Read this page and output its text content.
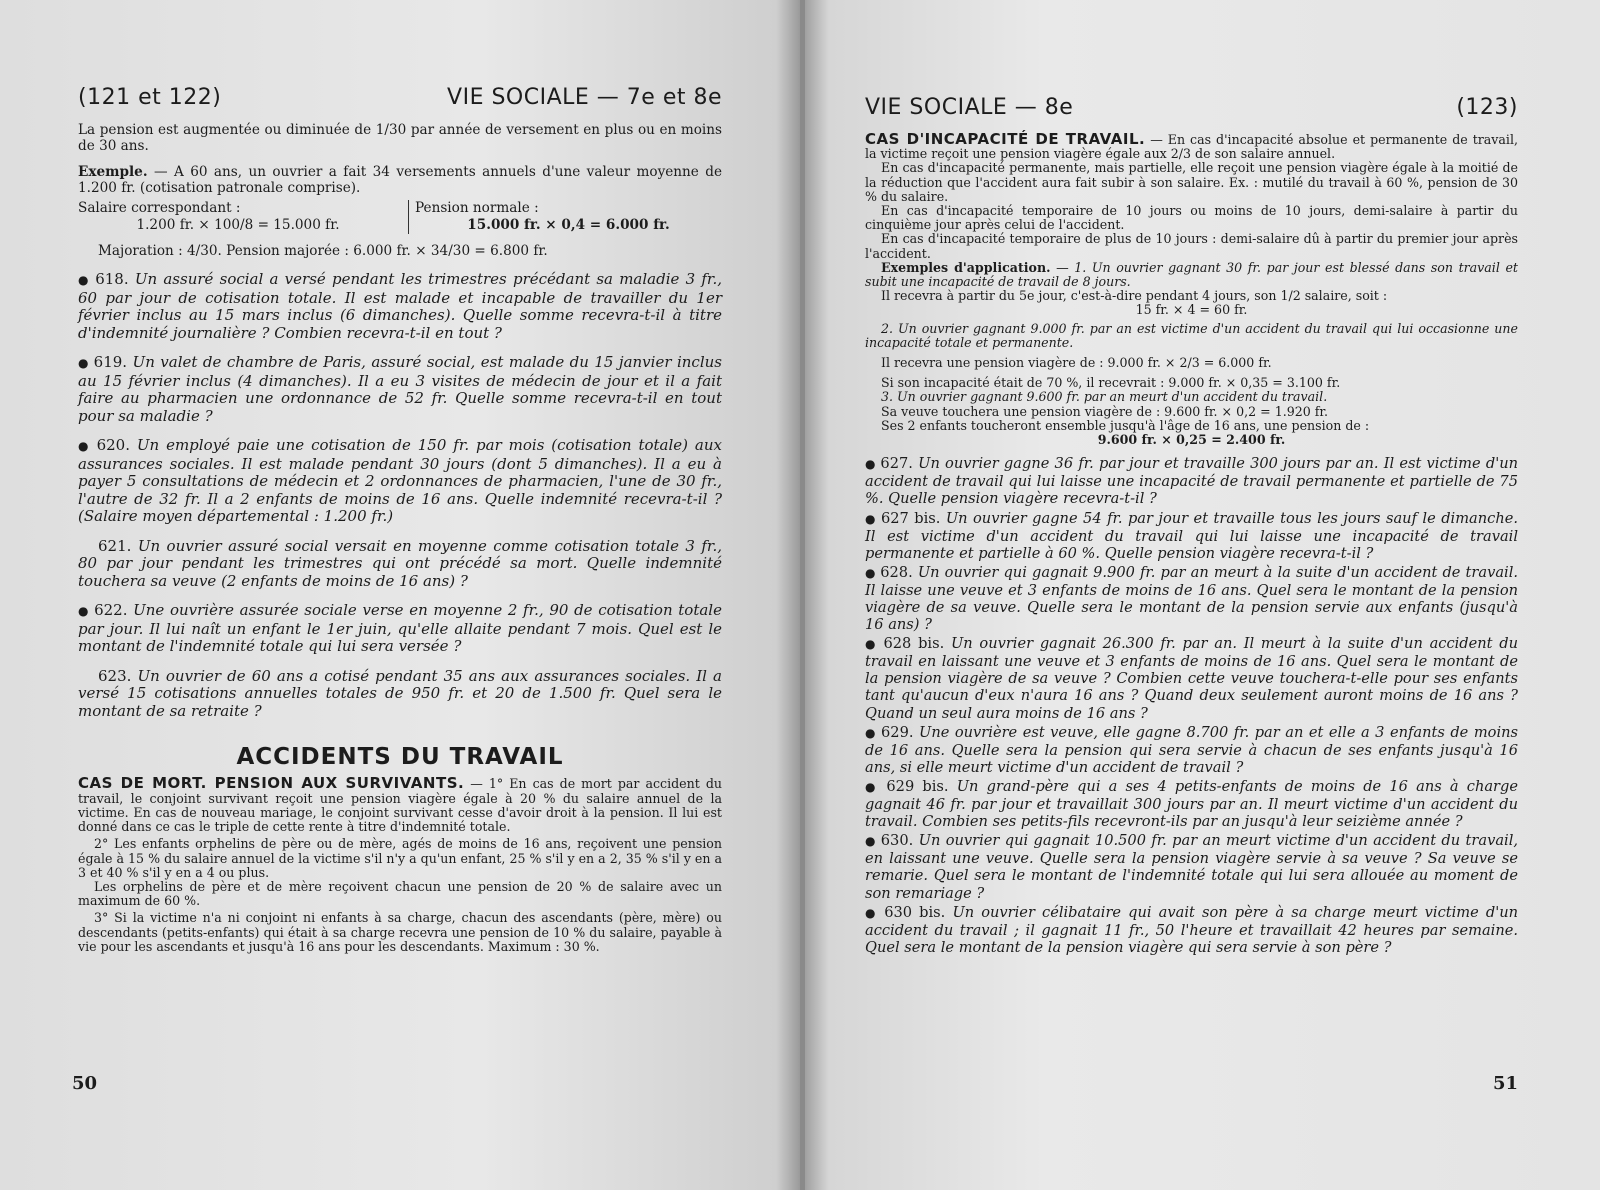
(121 et 122)	VIE SOCIALE — 7e et 8e

La pension est augmentée ou diminuée de 1/30 par année de versement en plus ou en moins de 30 ans.

Exemple. — A 60 ans, un ouvrier a fait 34 versements annuels d'une valeur moyenne de 1.200 fr. (cotisation patronale comprise).

Salaire correspondant :
1.200 fr. × 100/8 = 15.000 fr.
Pension normale :
15.000 fr. × 0,4 = 6.000 fr.

Majoration : 4/30. Pension majorée : 6.000 fr. × 34/30 = 6.800 fr.

● 618. Un assuré social a versé pendant les trimestres précédant sa maladie 3 fr., 60 par jour de cotisation totale. Il est malade et incapable de travailler du 1er février inclus au 15 mars inclus (6 dimanches). Quelle somme recevra-t-il à titre d'indemnité journalière ? Combien recevra-t-il en tout ?

● 619. Un valet de chambre de Paris, assuré social, est malade du 15 janvier inclus au 15 février inclus (4 dimanches). Il a eu 3 visites de médecin de jour et il a fait faire au pharmacien une ordonnance de 52 fr. Quelle somme recevra-t-il en tout pour sa maladie ?

● 620. Un employé paie une cotisation de 150 fr. par mois (cotisation totale) aux assurances sociales. Il est malade pendant 30 jours (dont 5 dimanches). Il a eu à payer 5 consultations de médecin et 2 ordonnances de pharmacien, l'une de 30 fr., l'autre de 32 fr. Il a 2 enfants de moins de 16 ans. Quelle indemnité recevra-t-il ? (Salaire moyen départemental : 1.200 fr.)

621. Un ouvrier assuré social versait en moyenne comme cotisation totale 3 fr., 80 par jour pendant les trimestres qui ont précédé sa mort. Quelle indemnité touchera sa veuve (2 enfants de moins de 16 ans) ?

● 622. Une ouvrière assurée sociale verse en moyenne 2 fr., 90 de cotisation totale par jour. Il lui naît un enfant le 1er juin, qu'elle allaite pendant 7 mois. Quel est le montant de l'indemnité totale qui lui sera versée ?

623. Un ouvrier de 60 ans a cotisé pendant 35 ans aux assurances sociales. Il a versé 15 cotisations annuelles totales de 950 fr. et 20 de 1.500 fr. Quel sera le montant de sa retraite ?

ACCIDENTS DU TRAVAIL

CAS DE MORT. PENSION AUX SURVIVANTS. — 1° En cas de mort par accident du travail, le conjoint survivant reçoit une pension viagère égale à 20 % du salaire annuel de la victime. En cas de nouveau mariage, le conjoint survivant cesse d'avoir droit à la pension. Il lui est donné dans ce cas le triple de cette rente à titre d'indemnité totale.

2° Les enfants orphelins de père ou de mère, agés de moins de 16 ans, reçoivent une pension égale à 15 % du salaire annuel de la victime s'il n'y a qu'un enfant, 25 % s'il y en a 2, 35 % s'il y en a 3 et 40 % s'il y en a 4 ou plus.

Les orphelins de père et de mère reçoivent chacun une pension de 20 % de salaire avec un maximum de 60 %.

3° Si la victime n'a ni conjoint ni enfants à sa charge, chacun des ascendants (père, mère) ou descendants (petits-enfants) qui était à sa charge recevra une pension de 10 % du salaire, payable à vie pour les ascendants et jusqu'à 16 ans pour les descendants. Maximum : 30 %.

50
VIE SOCIALE — 8e	(123)

CAS D'INCAPACITÉ DE TRAVAIL. — En cas d'incapacité absolue et permanente de travail, la victime reçoit une pension viagère égale aux 2/3 de son salaire annuel.

En cas d'incapacité permanente, mais partielle, elle reçoit une pension viagère égale à la moitié de la réduction que l'accident aura fait subir à son salaire. Ex. : mutilé du travail à 60 %, pension de 30 % du salaire.

En cas d'incapacité temporaire de 10 jours ou moins de 10 jours, demi-salaire à partir du cinquième jour après celui de l'accident.

En cas d'incapacité temporaire de plus de 10 jours : demi-salaire dû à partir du premier jour après l'accident.

Exemples d'application. — 1. Un ouvrier gagnant 30 fr. par jour est blessé dans son travail et subit une incapacité de travail de 8 jours.

Il recevra à partir du 5e jour, c'est-à-dire pendant 4 jours, son 1/2 salaire, soit :

15 fr. × 4 = 60 fr.

2. Un ouvrier gagnant 9.000 fr. par an est victime d'un accident du travail qui lui occasionne une incapacité totale et permanente.

Il recevra une pension viagère de : 9.000 fr. × 2/3 = 6.000 fr.

Si son incapacité était de 70 %, il recevrait : 9.000 fr. × 0,35 = 3.100 fr.

3. Un ouvrier gagnant 9.600 fr. par an meurt d'un accident du travail.

Sa veuve touchera une pension viagère de : 9.600 fr. × 0,2 = 1.920 fr.

Ses 2 enfants toucheront ensemble jusqu'à l'âge de 16 ans, une pension de :

9.600 fr. × 0,25 = 2.400 fr.

● 627. Un ouvrier gagne 36 fr. par jour et travaille 300 jours par an. Il est victime d'un accident de travail qui lui laisse une incapacité de travail permanente et partielle de 75 %. Quelle pension viagère recevra-t-il ?

● 627 bis. Un ouvrier gagne 54 fr. par jour et travaille tous les jours sauf le dimanche. Il est victime d'un accident du travail qui lui laisse une incapacité de travail permanente et partielle à 60 %. Quelle pension viagère recevra-t-il ?

● 628. Un ouvrier qui gagnait 9.900 fr. par an meurt à la suite d'un accident de travail. Il laisse une veuve et 3 enfants de moins de 16 ans. Quel sera le montant de la pension viagère de sa veuve. Quelle sera le montant de la pension servie aux enfants (jusqu'à 16 ans) ?

● 628 bis. Un ouvrier gagnait 26.300 fr. par an. Il meurt à la suite d'un accident du travail en laissant une veuve et 3 enfants de moins de 16 ans. Quel sera le montant de la pension viagère de sa veuve ? Combien cette veuve touchera-t-elle pour ses enfants tant qu'aucun d'eux n'aura 16 ans ? Quand deux seulement auront moins de 16 ans ? Quand un seul aura moins de 16 ans ?

● 629. Une ouvrière est veuve, elle gagne 8.700 fr. par an et elle a 3 enfants de moins de 16 ans. Quelle sera la pension qui sera servie à chacun de ses enfants jusqu'à 16 ans, si elle meurt victime d'un accident de travail ?

● 629 bis. Un grand-père qui a ses 4 petits-enfants de moins de 16 ans à charge gagnait 46 fr. par jour et travaillait 300 jours par an. Il meurt victime d'un accident du travail. Combien ses petits-fils recevront-ils par an jusqu'à leur seizième année ?

● 630. Un ouvrier qui gagnait 10.500 fr. par an meurt victime d'un accident du travail, en laissant une veuve. Quelle sera la pension viagère servie à sa veuve ? Sa veuve se remarie. Quel sera le montant de l'indemnité totale qui lui sera allouée au moment de son remariage ?

● 630 bis. Un ouvrier célibataire qui avait son père à sa charge meurt victime d'un accident du travail ; il gagnait 11 fr., 50 l'heure et travaillait 42 heures par semaine. Quel sera le montant de la pension viagère qui sera servie à son père ?

51
